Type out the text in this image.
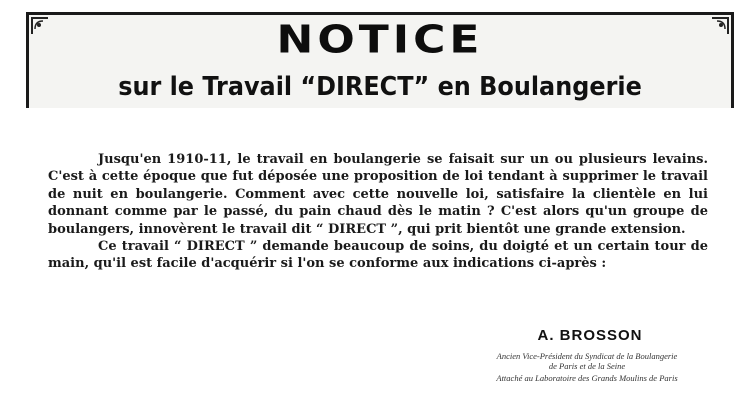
NOTICE
sur le Travail “DIRECT” en Boulangerie

Jusqu'en 1910-11, le travail en boulangerie se faisait sur un ou plusieurs levains. C'est à cette époque que fut déposée une proposition de loi tendant à supprimer le travail de nuit en boulangerie. Comment avec cette nouvelle loi, satisfaire la clientèle en lui donnant comme par le passé, du pain chaud dès le matin ? C'est alors qu'un groupe de boulangers, innovèrent le travail dit “ DIRECT ”, qui prit bientôt une grande extension.

Ce travail “ DIRECT ” demande beaucoup de soins, du doigté et un certain tour de main, qu'il est facile d'acquérir si l'on se conforme aux indications ci-après :

A. BROSSON
Ancien Vice-Président du Syndicat de la Boulangerie
de Paris et de la Seine
Attaché au Laboratoire des Grands Moulins de Paris
